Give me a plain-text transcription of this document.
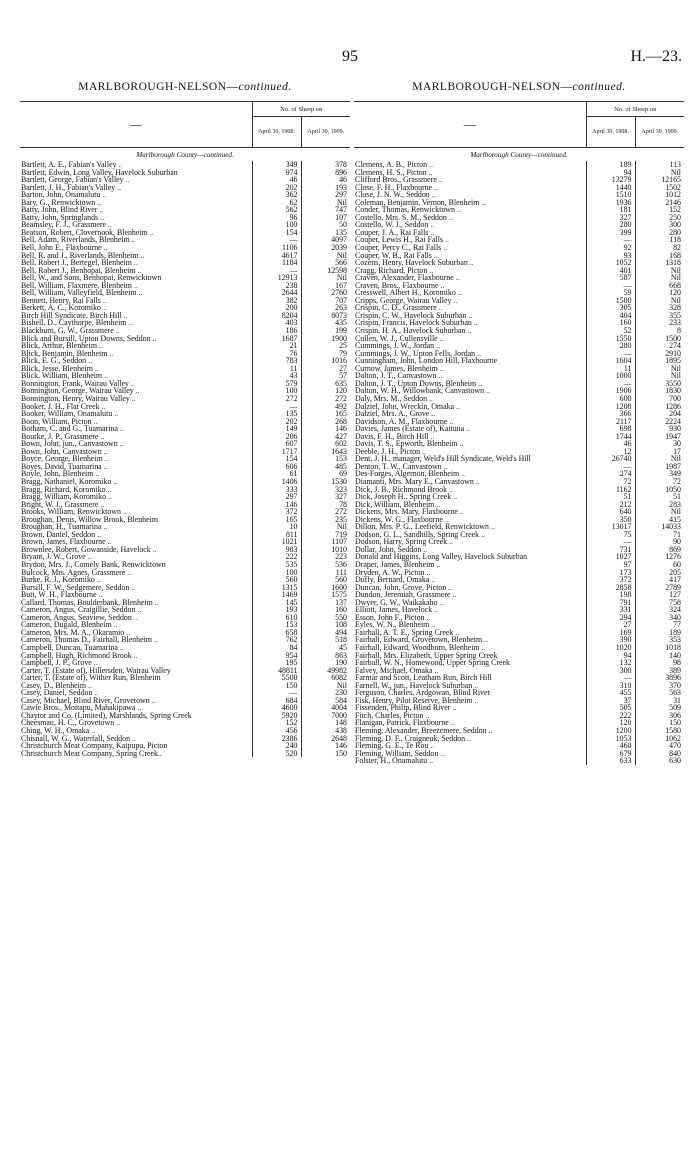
95	H.—23.
MARLBOROUGH-NELSON—continued.
—	No. of Sheep on	
	April 30, 1908.	April 30, 1909.
Marlborough County—continued.		
Bartlett, A. E., Fabian's Valley ..	349	378
Bartlett, Edwin, Long Valley, Havelock Suburban	974	896
Bartlett, George, Fabian's Valley ..	46	46
Bartlett, J. H., Fabian's Valley ..	202	193
Barton, John, Onamalutu ..	362	297
Bary, G., Renwicktown ..	62	Nil
Batty, John, Blind River ..	562	747
Batty, John, Springlands ..	96	107
Beamsley, F. J., Grassmere ..	100	50
Beatson, Robert, Clovernook, Blenheim ..	154	135
Bell, Adam, Riverlands, Blenheim ..	—	4097
Bell, John E., Flaxbourne ..	1106	2039
Bell, R. and J., Riverlands, Blenheim ..	4617	Nil
Bell, Robert J., Bertegel, Blenheim ..	1184	566
Bell, Robert J., Benhopai, Blenheim ..	—	12598
Bell, W., and Sons, Benhopai, Renwicktown	12913	Nil
Bell, William, Flaxmere, Blenheim ..	238	167
Bell, William, Valleyfield, Blenheim ..	2644	2760
Bennett, Henry, Rai Falls ..	382	707
Berkett, A. C., Koromiko ..	200	263
Birch Hill Syndicate, Birch Hill ..	8204	8073
Bishell, D., Caythorpe, Blenheim ..	403	435
Blackburn, G. W., Grassmere ..	186	199
Blick and Bursill, Upton Downs, Seddon ..	1687	1900
Blick, Arthur, Blenheim ..	21	25
Blick, Benjamin, Blenheim ..	76	79
Blick, E. G., Seddon ..	783	1016
Blick, Jesse, Blenheim ..	11	27
Blick, William, Blenheim ..	43	57
Bonnington, Frank, Wairau Valley ..	579	635
Bonnington, George, Wairau Valley ..	100	120
Bonnington, Henry, Wairau Valley ..	272	272
Booker, J. H., Flat Creek ..	—	492
Booker, William, Onamalutu ..	135	165
Boon, William, Picton ..	202	268
Botham, C. and G., Tuamarina ..	149	146
Bourke, J. P., Grassmere ..	206	427
Bown, John, jun., Canvastown ..	607	602
Bown, John, Canvastown ..	1717	1643
Boyce, George, Blenheim ..	154	153
Boyes, David, Tuamarina ..	606	485
Boyle, John, Blenheim ..	61	69
Bragg, Nathaniel, Koromiko ..	1406	1530
Bragg, Richard, Koromiko ..	333	323
Bragg, William, Koromiko ..	297	327
Bright, W. J., Grassmere ..	146	78
Brooks, William, Renwicktown ..	372	272
Broughan, Denis, Willow Brook, Blenheim	165	235
Broughan, H., Tuamarina ..	10	Nil
Brown, Daniel, Seddon ..	811	719
Brown, James, Flaxbourne ..	1021	1107
Brownlee, Robert, Gowanside, Havelock ..	983	1010
Bryant, J. W., Grove ..	222	223
Brydon, Mrs. J., Comely Bank, Renwicktown	535	536
Bulcock, Mrs. Agnes, Grassmere ..	100	111
Burke, R. J., Koromiko ..	560	560
Bursill, F. W., Sedgemere, Seddon ..	1315	1600
Butt, W. H., Flaxbourne ..	1469	1575
Callard, Thomas, Boulderbank, Blenheim ..	145	137
Cameron, Angus, Craigillie, Seddon ..	193	160
Cameron, Angus, Seaview, Seddon ..	610	550
Cameron, Dugald, Blenheim ..	153	108
Cameron, Mrs. M. A., Okaramio ..	658	494
Cameron, Thomas D., Fairhall, Blenheim ..	762	518
Campbell, Duncan, Tuamarina ..	84	45
Campbell, Hugh, Richmond Brook ..	954	863
Campbell, J. P., Grove ..	195	190
Carter, T. (Estate of), Hillersden, Wairau Valley	48811	49982
Carter, T. (Estate of), Wither Run, Blenheim	5500	6082
Casey, D., Blenheim ..	150	Nil
Casey, Daniel, Seddon ..	—	230
Casey, Michael, Blind River, Grovetown ..	684	584
Cawte Bros., Moitapu, Mahakipawa ..	4600	4004
Chaytor and Co. (Limited), Marshlands, Spring Creek	5920	7000
Cheesman, H. C., Grovetown ..	152	148
Ching, W. H., Omaka ..	456	438
Chisnall, W. G., Waterfall, Seddon ..	2386	2648
Christchurch Meat Company, Kaipupu, Picton	240	146
Christchurch Meat Company, Spring Creek..	520	150
MARLBOROUGH-NELSON—continued.
—	No. of Sheep on	
	April 30, 1908.	April 30, 1909.
Marlborough County—continued.		
Clemens, A. B., Picton ..	189	113
Clemens, H. S., Picton ..	94	Nil
Clifford Bros., Grassmere ..	13279	12165
Close, F. H., Flaxbourne ..	1440	1502
Close, J. N. W., Seddon ..	1510	1012
Coleman, Benjamin, Vernon, Blenheim ..	1936	2146
Conder, Thomas, Renwicktown ..	181	152
Costello, Mrs. S. M., Seddon ..	327	250
Costello, W. J., Seddon ..	280	300
Couper, J. A., Rai Falls ..	399	280
Couper, Lewis H., Rai Falls ..	—	118
Couper, Percy C., Rai Falls ..	92	82
Couper, W. B., Rai Falls ..	93	168
Cozens, Henry, Havelock Suburban ..	1052	1318
Cragg, Richard, Picton ..	401	Nil
Craven, Alexander, Flaxbourne ..	587	Nil
Craven, Bros., Flaxbourne ..	—	668
Cresswell, Albert H., Koromiko ..	59	120
Cripps, George, Wairau Valley ..	1500	Nil
Crispin, C. D., Grassmere ..	305	328
Crispin, C. W., Havelock Suburban ..	404	355
Crispin, Francis, Havelock Suburban ..	160	233
Crispin, H. A., Havelock Suburban ..	52	8
Cullen, W. J., Cullensville ..	1550	1500
Cummings, J. W., Jordan ..	280	274
Cummings, J. W., Upton Fells, Jordan ..	—	2910
Cunningham, John, London Hill, Flaxbourne	1604	1895
Curnow, James, Blenheim ..	11	Nil
Dalton, J. T., Canvastown ..	1000	Nil
Dalton, J. T., Upton Downs, Blenheim ..	—	3550
Dalton, W. H., Willowbank, Canvastown ..	1906	1830
Daly, Mrs. M., Seddon ..	600	700
Dalziel, John, Wreckin, Omaka ..	1208	1286
Dalziel, Mrs. A., Grove ..	366	204
Davidson, A. M., Flaxbourne ..	2117	2224
Davies, James (Estate of), Kaituna ..	698	930
Davis, F. H., Birch Hill ..	1744	1947
Davis, T. S., Epworth, Blenheim ..	46	30
Deeble, J. H., Picton ..	12	17
Dent, J. H., manager, Weld's Hill Syndicate, Weld's Hill	26740	Nil
Denton, T. W., Canvastown ..	—	1987
Des-Forges, Algernon, Blenheim ..	274	349
Diamanti, Mrs. Mary E., Canvastown ..	72	72
Dick, J. B., Richmond Brook ..	1162	1050
Dick, Joseph H., Spring Creek ..	51	51
Dick, William, Blenheim ..	212	283
Dickens, Mrs. Mary, Flaxbourne ..	640	Nil
Dickens, W. G., Flaxbourne ..	350	415
Dillon, Mrs. P. G., Leefield, Renwicktown ..	13017	14033
Dodson, G. L., Sandhills, Spring Creek ..	75	71
Dodson, Harry, Spring Creek ..	—	90
Dollar, John, Seddon ..	731	869
Donald and Higgins, Long Valley, Havelock Suburban	1027	1276
Draper, James, Blenheim ..	97	60
Dryden, A. W., Picton ..	173	205
Duffy, Bernard, Omaka ..	372	417
Duncan, John, Grove, Picton ..	2858	2789
Dundon, Jeremiah, Grassmere ..	198	127
Dwyer, G. W., Waikakaho ..	791	758
Elliott, James, Havelock ..	331	324
Esson, John F., Picton ..	294	340
Eyles, W. N., Blenheim ..	27	77
Fairhall, A. T. E., Spring Creek ..	169	189
Fairhall, Edward, Grovetown, Blenheim ..	390	353
Fairhall, Edward, Woodburn, Blenheim ..	1020	1018
Fairhall, Mrs. Elizabeth, Upper Spring Creek	94	140
Fairhall, W. N., Homewood, Upper Spring Creek	132	98
Falvey, Michael, Omaka ..	300	389
Farmar and Scott, Leatham Run, Birch Hill	—	3896
Farnell, W., jun., Havelock Suburban ..	310	370
Ferguson, Charles, Ardgowan, Blind River	455	563
Fisk, Henry, Pilot Reserve, Blenheim ..	37	31
Fissenden, Philip, Blind River ..	505	509
Fitch, Charles, Picton ..	222	306
Flanigan, Patrick, Flaxbourne ..	120	150
Fleming, Alexander, Breezemere, Seddon ..	1200	1580
Fleming, D. F., Craigneuk, Seddon ..	1053	1062
Fleming, G. E., Te Rou ..	460	470
Fleming, William, Seddon ..	679	840
Folster, H., Onamalutu ..	633	630
